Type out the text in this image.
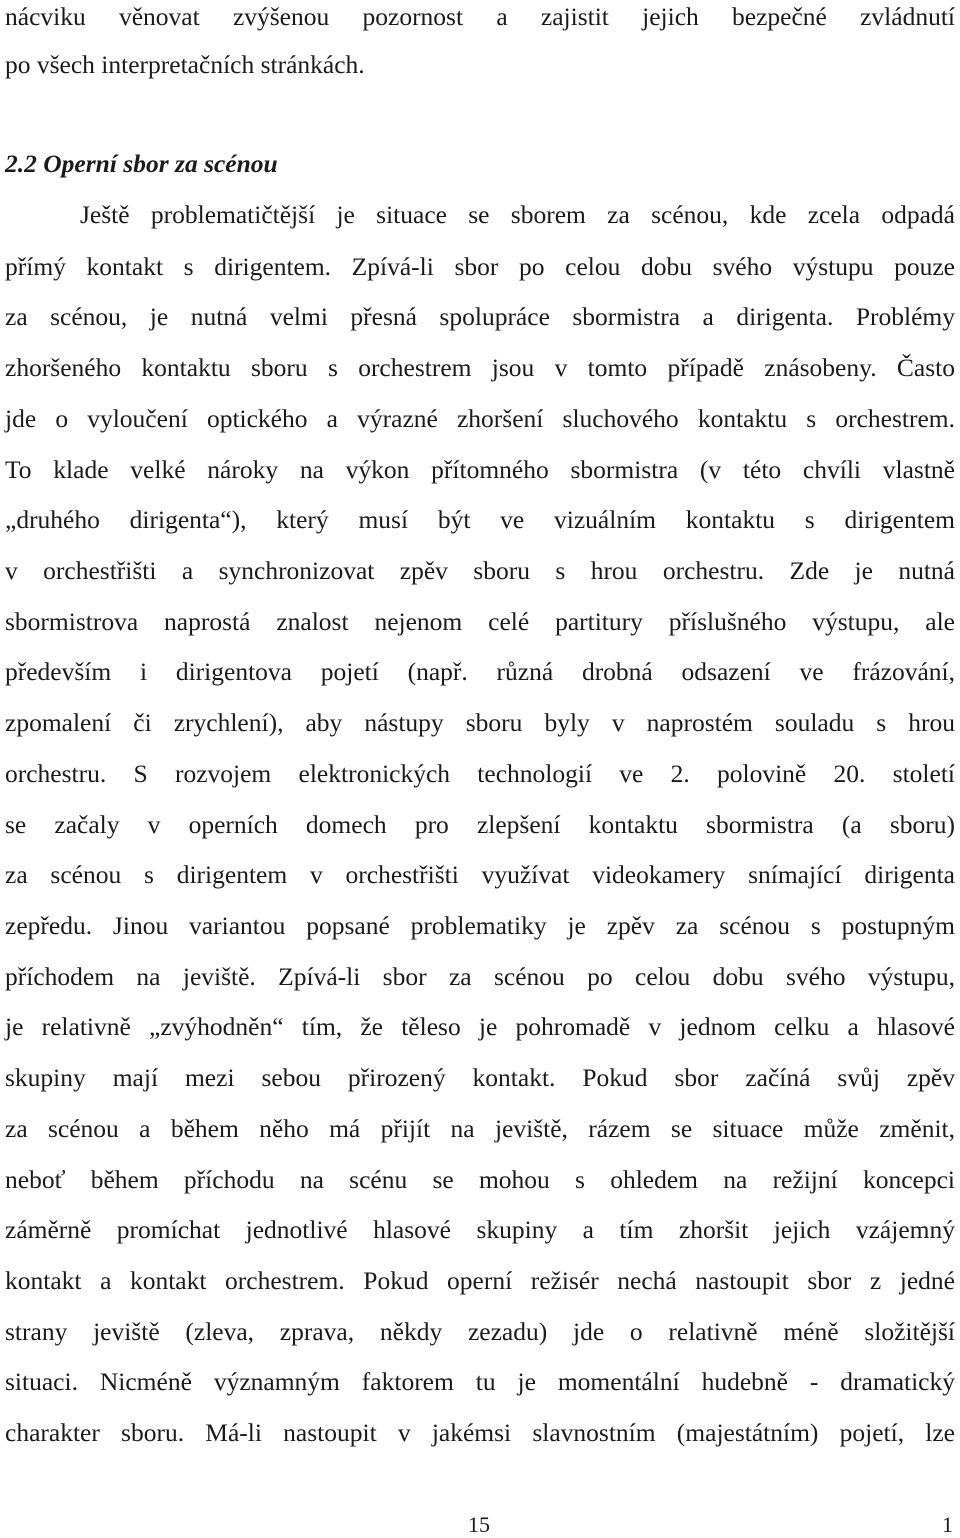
nácviku věnovat zvýšenou pozornost a zajistit jejich bezpečné zvládnutí
po všech interpretačních stránkách.
2.2 Operní sbor za scénou
Ještě problematičtější je situace se sborem za scénou, kde zcela odpadá
přímý kontakt s dirigentem. Zpívá-li sbor po celou dobu svého výstupu pouze
za scénou, je nutná velmi přesná spolupráce sbormistra a dirigenta. Problémy
zhoršeného kontaktu sboru s orchestrem jsou v tomto případě znásobeny. Často
jde o vyloučení optického a výrazné zhoršení sluchového kontaktu s orchestrem.
To klade velké nároky na výkon přítomného sbormistra (v této chvíli vlastně
„druhého dirigenta“), který musí být ve vizuálním kontaktu s dirigentem
v orchestřišti a synchronizovat zpěv sboru s hrou orchestru. Zde je nutná
sbormistrova naprostá znalost nejenom celé partitury příslušného výstupu, ale
především i dirigentova pojetí (např. různá drobná odsazení ve frázování,
zpomalení či zrychlení), aby nástupy sboru byly v naprostém souladu s hrou
orchestru. S rozvojem elektronických technologií ve 2. polovině 20. století
se začaly v operních domech pro zlepšení kontaktu sbormistra (a sboru)
za scénou s dirigentem v orchestřišti využívat videokamery snímající dirigenta
zepředu. Jinou variantou popsané problematiky je zpěv za scénou s postupným
příchodem na jeviště. Zpívá-li sbor za scénou po celou dobu svého výstupu,
je relativně „zvýhodněn“ tím, že těleso je pohromadě v jednom celku a hlasové
skupiny mají mezi sebou přirozený kontakt. Pokud sbor začíná svůj zpěv
za scénou a během něho má přijít na jeviště, rázem se situace může změnit,
neboť během příchodu na scénu se mohou s ohledem na režijní koncepci
záměrně promíchat jednotlivé hlasové skupiny a tím zhoršit jejich vzájemný
kontakt a kontakt orchestrem. Pokud operní režisér nechá nastoupit sbor z jedné
strany jeviště (zleva, zprava, někdy zezadu) jde o relativně méně složitější
situaci. Nicméně významným faktorem tu je momentální hudebně - dramatický
charakter sboru. Má-li nastoupit v jakémsi slavnostním (majestátním) pojetí, lze
15	1
